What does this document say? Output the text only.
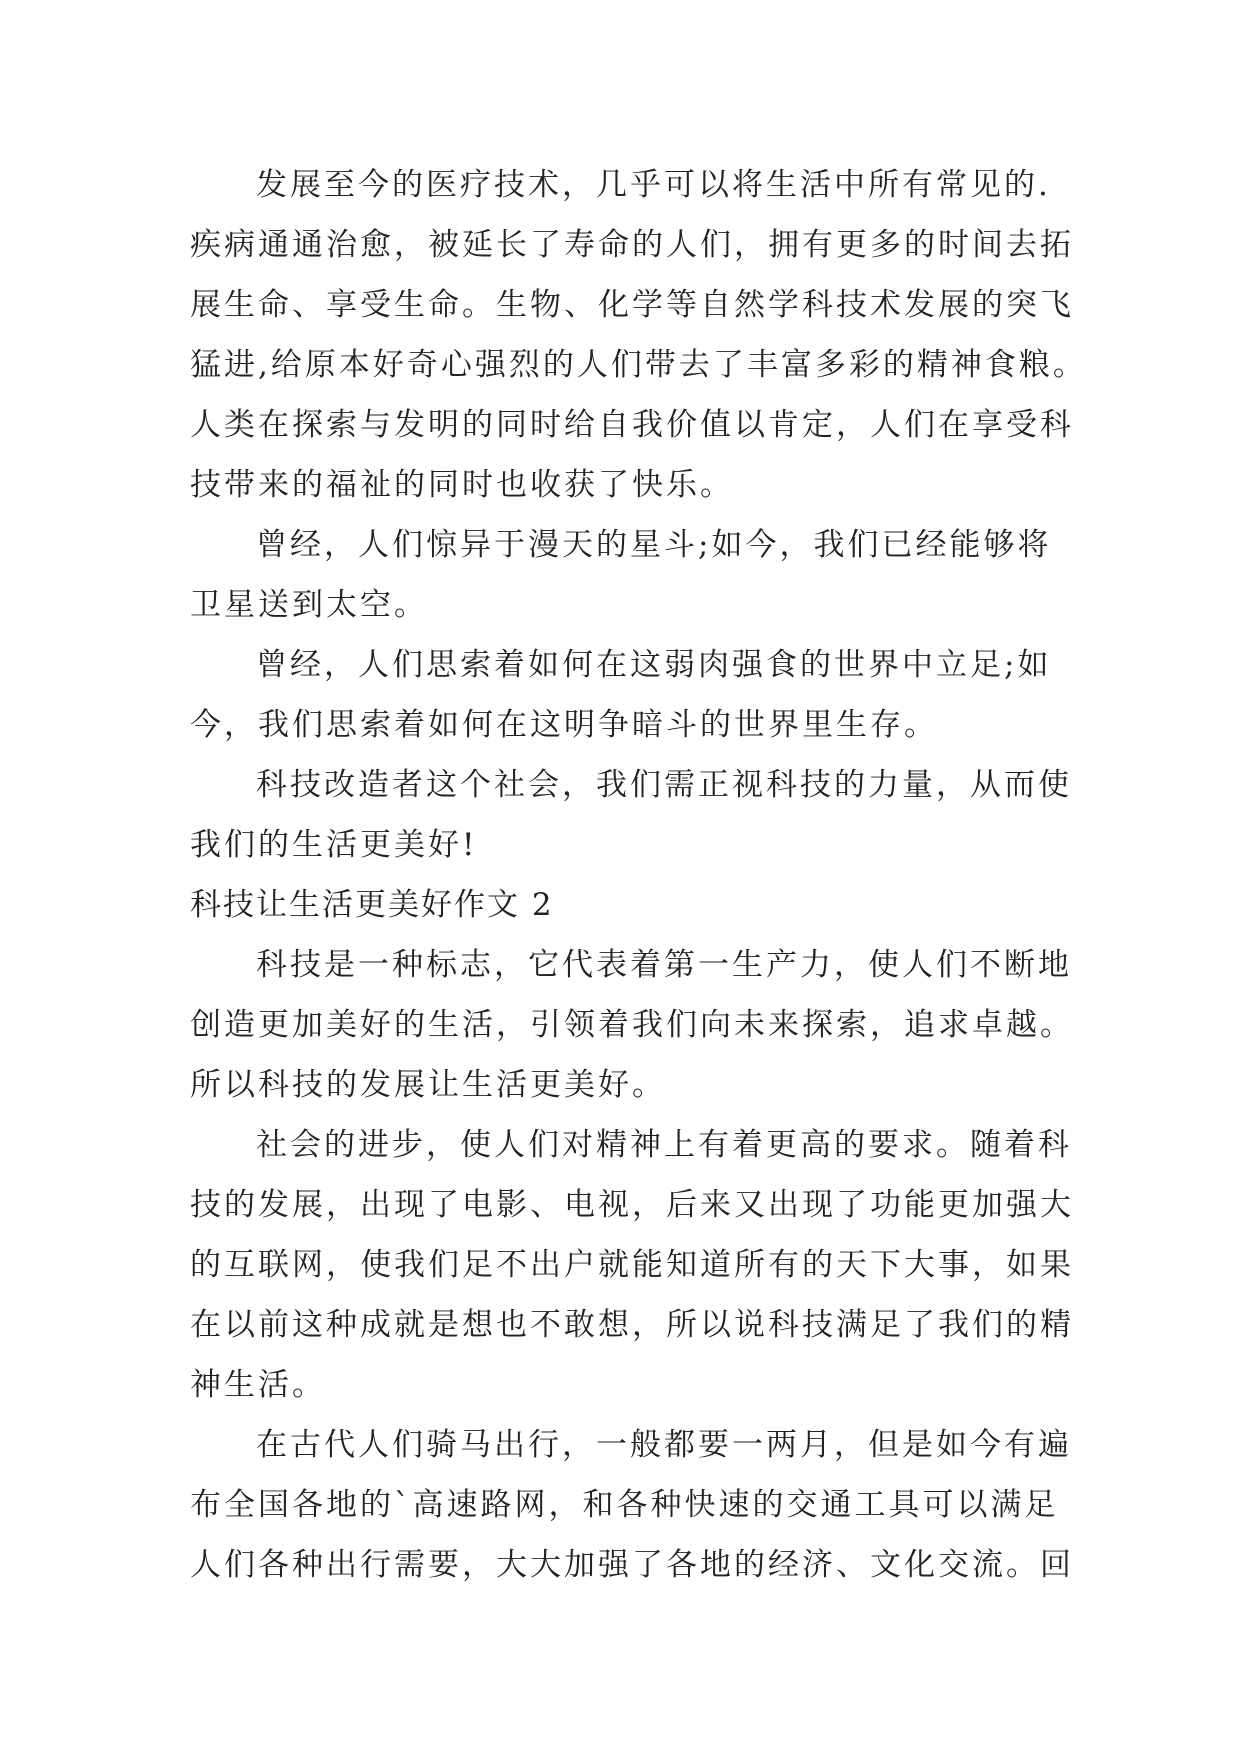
发展至今的医疗技术，几乎可以将生活中所有常见的.
疾病通通治愈，被延长了寿命的人们，拥有更多的时间去拓
展生命、享受生命。生物、化学等自然学科技术发展的突飞
猛进,给原本好奇心强烈的人们带去了丰富多彩的精神食粮。
人类在探索与发明的同时给自我价值以肯定，人们在享受科
技带来的福祉的同时也收获了快乐。
曾经，人们惊异于漫天的星斗;如今，我们已经能够将
卫星送到太空。
曾经，人们思索着如何在这弱肉强食的世界中立足;如
今，我们思索着如何在这明争暗斗的世界里生存。
科技改造者这个社会，我们需正视科技的力量，从而使
我们的生活更美好!
科技让生活更美好作文 2
科技是一种标志，它代表着第一生产力，使人们不断地
创造更加美好的生活，引领着我们向未来探索，追求卓越。
所以科技的发展让生活更美好。
社会的进步，使人们对精神上有着更高的要求。随着科
技的发展，出现了电影、电视，后来又出现了功能更加强大
的互联网，使我们足不出户就能知道所有的天下大事，如果
在以前这种成就是想也不敢想，所以说科技满足了我们的精
神生活。
在古代人们骑马出行，一般都要一两月，但是如今有遍
布全国各地的`高速路网，和各种快速的交通工具可以满足
人们各种出行需要，大大加强了各地的经济、文化交流。回
